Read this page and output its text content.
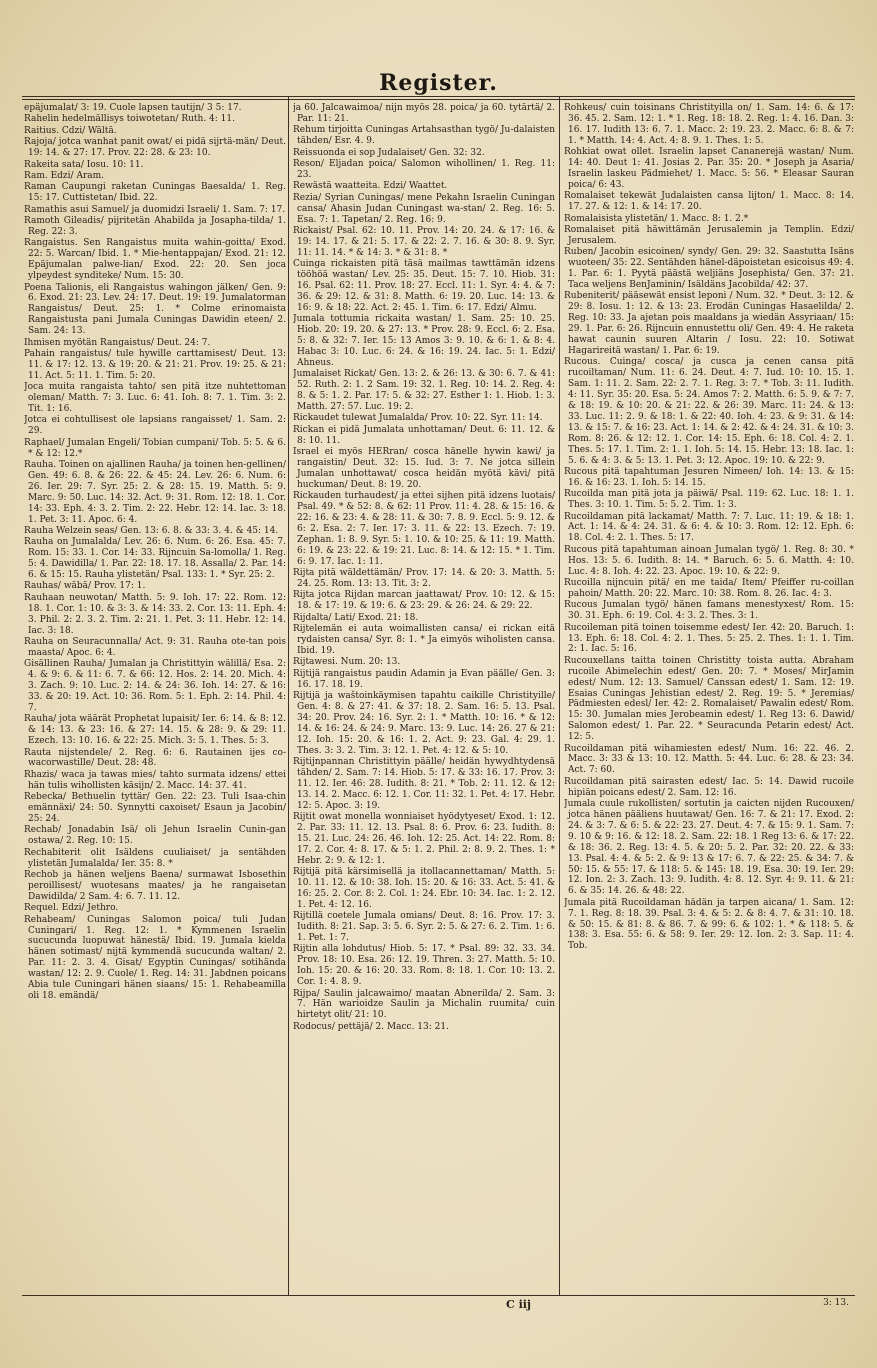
Register.

epäjumalat/ 3: 19. Cuole lapsen tautijn/ 3 5: 17.

Rahelin hedelmällisys toiwotetan/ Ruth. 4: 11.

Raitius. Cdzi/ Wältä.

Rajoja/ jotca wanhat panit owat/ ei pidä sijrtä-män/ Deut. 19: 14. & 27: 17. Prov. 22: 28. & 23: 10.

Rakeita sata/ Iosu. 10: 11.

Ram. Edzi/ Aram.

Raman Caupungi raketan Cuningas Baesalda/ 1. Reg. 15: 17. Cuttistetan/ Ibid. 22.

Ramathis asui Samuel/ ja duomidzi Israeli/ 1. Sam. 7: 17.

Ramoth Gileadis/ pijritetän Ahabilda ja Josapha-tilda/ 1. Reg. 22: 3.

Rangaistus. Sen Rangaistus muita wahin-goitta/ Exod. 22: 5. Warcan/ Ibid. 1. * Mie-hentappajan/ Exod. 21: 12. Epäjumalan palwe-lian/ Exod. 22: 20. Sen joca ylpeydest synditeke/ Num. 15: 30.

Poena Talionis, eli Rangaistus wahingon jälken/ Gen. 9: 6. Exod. 21: 23. Lev. 24: 17. Deut. 19: 19. Jumalatorman Rangaistus/ Deut. 25: 1. * Colme erinomaista Rangaistusta pani Jumala Cuningas Dawidin eteen/ 2. Sam. 24: 13.

Ihmisen myötän Rangaistus/ Deut. 24: 7.

Pahain rangaistus/ tule hywille carttamisest/ Deut. 13: 11. & 17: 12. 13. & 19: 20. & 21: 21. Prov. 19: 25. & 21: 11. Act. 5: 11. 1. Tim. 5: 20.

Joca muita rangaista tahto/ sen pitä itze nuhtettoman oleman/ Matth. 7: 3. Luc. 6: 41. Ioh. 8: 7. 1. Tim. 3: 2. Tit. 1: 16.

Jotca ei cohtullisest ole lapsians rangaisset/ 1. Sam. 2: 29.

Raphael/ Jumalan Engeli/ Tobian cumpani/ Tob. 5: 5. & 6. * & 12: 12.*

Rauha. Toinen on ajallinen Rauha/ ja toinen hen-gellinen/ Gen. 49: 6. 8. & 26: 22. & 45: 24. Lev. 26: 6. Num. 6: 26. Ier. 29: 7. Syr. 25: 2. & 28: 15. 19. Matth. 5: 9. Marc. 9: 50. Luc. 14: 32. Act. 9: 31. Rom. 12: 18. 1. Cor. 14: 33. Eph. 4: 3. 2. Tim. 2: 22. Hebr. 12: 14. Iac. 3: 18. 1. Pet. 3: 11. Apoc. 6: 4.

Rauha Welzein seas/ Gen. 13: 6. 8. & 33: 3. 4. & 45: 14.

Rauha on Jumalalda/ Lev. 26: 6. Num. 6: 26. Esa. 45: 7. Rom. 15: 33. 1. Cor. 14: 33. Rijncuin Sa-lomolla/ 1. Reg. 5: 4. Dawidilla/ 1. Par. 22: 18. 17. 18. Assalla/ 2. Par. 14: 6. & 15: 15. Rauha ylistetän/ Psal. 133: 1. * Syr. 25: 2.

Rauhas/ wäbä/ Prov. 17: 1.

Rauhaan neuwotan/ Matth. 5: 9. Ioh. 17: 22. Rom. 12: 18. 1. Cor. 1: 10. & 3: 3. & 14: 33. 2. Cor. 13: 11. Eph. 4: 3. Phil. 2: 2. 3. 2. Tim. 2: 21. 1. Pet. 3: 11. Hebr. 12: 14. Iac. 3: 18.

Rauha on Seuracunnalla/ Act. 9: 31. Rauha ote-tan pois maasta/ Apoc. 6: 4.

Gisällinen Rauha/ Jumalan ja Christittyin wälillä/ Esa. 2: 4. & 9: 6. & 11: 6. 7. & 66: 12. Hos. 2: 14. 20. Mich. 4: 3. Zach. 9: 10. Luc. 2: 14. & 24: 36. Ioh. 14: 27. & 16: 33. & 20: 19. Act. 10: 36. Rom. 5: 1. Eph. 2: 14. Phil. 4: 7.

Rauha/ jota wäärät Prophetat lupaisit/ Ier. 6: 14. & 8: 12. & 14: 13. & 23: 16. & 27: 14. 15. & 28: 9. & 29: 11. Ezech. 13: 10. 16. & 22: 25. Mich. 3: 5. 1. Thes. 5: 3.

Rauta nijstendele/ 2. Reg. 6: 6. Rautainen ijes co-wacorwastille/ Deut. 28: 48.

Rhazis/ waca ja tawas mies/ tahto surmata idzens/ ettei hän tulis wihollisten käsijn/ 2. Macc. 14: 37. 41.

Rebecka/ Bethuelin tyttär/ Gen. 22: 23. Tuli Isaa-chin emännäxi/ 24: 50. Synnytti caxoiset/ Esaun ja Jacobin/ 25: 24.

Rechab/ Jonadabin Isä/ oli Jehun Israelin Cunin-gan ostawa/ 2. Reg. 10: 15.

Rechabiterit olit Isäldens cuuliaiset/ ja sentähden ylistetän Jumalalda/ Ier. 35: 8. *

Rechob ja hänen weljens Baena/ surmawat Isbosethin peroillisest/ wuotesans maates/ ja he rangaisetan Dawidilda/ 2 Sam. 4: 6. 7. 11. 12.

Requel. Edzi/ Jethro.

Rehabeam/ Cuningas Salomon poica/ tuli Judan Cuningari/ 1. Reg. 12: 1. * Kymmenen Israelin sucucunda luopuwat hänestä/ Ibid. 19. Jumala kielda hänen sotimast/ nijtä kymmendä sucucunda waltan/ 2. Par. 11: 2. 3. 4. Gisat/ Egyptin Cuningas/ sotihända wastan/ 12: 2. 9. Cuole/ 1. Reg. 14: 31. Jabdnen poicans Abia tule Cuningari hänen siaans/ 15: 1. Rehabeamilla oli 18. emändä/

ja 60. Jalcawaimoa/ nijn myös 28. poica/ ja 60. tytärtä/ 2. Par. 11: 21.

Rehum tirjoitta Cuningas Artahsasthan tygö/ Ju-dalaisten tähden/ Esr. 4. 9.

Reissuonda ei sop Judalaiset/ Gen. 32: 32.

Reson/ Eljadan poica/ Salomon wihollinen/ 1. Reg. 11: 23.

Rewästä waatteita. Edzi/ Waattet.

Rezia/ Syrian Cuningas/ mene Pekahn Israelin Cuningan cansa/ Ahasin Judan Cuningast wa-stan/ 2. Reg. 16: 5. Esa. 7: 1. Tapetan/ 2. Reg. 16: 9.

Rickaist/ Psal. 62: 10. 11. Prov. 14: 20. 24. & 17: 16. & 19: 14. 17. & 21: 5. 17. & 22: 2. 7. 16. & 30: 8. 9. Syr. 11: 11. 14. * & 14: 3. * & 31: 8. *

Cuinga rickaisten pitä täsä mailmas tawttämän idzens tööhöä wastan/ Lev. 25: 35. Deut. 15: 7. 10. Hiob. 31: 16. Psal. 62: 11. Prov. 18: 27. Eccl. 11: 1. Syr. 4: 4. & 7: 36. & 29: 12. & 31: 8. Matth. 6: 19. 20. Luc. 14: 13. & 16: 9. & 18: 22. Act. 2: 45. 1. Tim. 6: 17. Edzi/ Almu.

Jumala tottumia rickaita wastan/ 1. Sam. 25: 10. 25. Hiob. 20: 19. 20. & 27: 13. * Prov. 28: 9. Eccl. 6: 2. Esa. 5: 8. & 32: 7. Ier. 15: 13 Amos 3: 9. 10. & 6: 1. & 8: 4. Habac 3: 10. Luc. 6: 24. & 16: 19. 24. Iac. 5: 1. Edzi/ Ahneus.

Jumalaiset Rickat/ Gen. 13: 2. & 26: 13. & 30: 6. 7. & 41: 52. Ruth. 2: 1. 2 Sam. 19: 32. 1. Reg. 10: 14. 2. Reg. 4: 8. & 5: 1. 2. Par. 17: 5. & 32: 27. Esther 1: 1. Hiob. 1: 3. Matth. 27: 57. Luc. 19: 2.

Rickaudet tulewat Jumalalda/ Prov. 10: 22. Syr. 11: 14.

Rickan ei pidä Jumalata unhottaman/ Deut. 6: 11. 12. & 8: 10. 11.

Israel ei myös HERran/ cosca hänelle hywin kawi/ ja rangaistin/ Deut. 32: 15. Iud. 3: 7. Ne jotca sillein Jumalan unhottawat/ cosca heidän myötä kävi/ pitä huckuman/ Deut. 8: 19. 20.

Rickauden turhaudest/ ja ettei sijhen pitä idzens luotais/ Psal. 49. * & 52: 8. & 62: 11 Prov. 11: 4. 28. & 15: 16. & 22: 16. & 23: 4. & 28: 11. & 30: 7. 8. 9. Eccl. 5: 9. 12. & 6: 2. Esa. 2: 7. Ier. 17: 3. 11. & 22: 13. Ezech. 7: 19. Zephan. 1: 8. 9. Syr. 5: 1. 10. & 10: 25. & 11: 19. Matth. 6: 19. & 23: 22. & 19: 21. Luc. 8: 14. & 12: 15. * 1. Tim. 6: 9. 17. Iac. 1: 11.

Rijta pitä wäldettämän/ Prov. 17: 14. & 20: 3. Matth. 5: 24. 25. Rom. 13: 13. Tit. 3: 2.

Rijta jotca Rijdan marcan jaattawat/ Prov. 10: 12. & 15: 18. & 17: 19. & 19: 6. & 23: 29. & 26: 24. & 29: 22.

Rijdalta/ Lati/ Exod. 21: 18.

Rijtelemän ei auta woimallisten cansa/ ei rickan eitä rydaisten cansa/ Syr. 8: 1. * Ja eimyös wiholisten cansa. Ibid. 19.

Rijtawesi. Num. 20: 13.

Rijtijä rangaistus paudin Adamin ja Evan päälle/ Gen. 3: 16. 17. 18. 19.

Rijtijä ja waštoinkäymisen tapahtu caikille Christityille/ Gen. 4: 8. & 27: 41. & 37: 18. 2. Sam. 16: 5. 13. Psal. 34: 20. Prov. 24: 16. Syr. 2: 1. * Matth. 10: 16. * & 12: 14. & 16: 24. & 24: 9. Marc. 13: 9. Luc. 14: 26. 27 & 21: 12. Ioh. 15: 20. & 16: 1. 2. Act. 9: 23. Gal. 4: 29. 1. Thes. 3: 3. 2. Tim. 3: 12. 1. Pet. 4: 12. & 5: 10.

Rijtijnpannan Christittyin päälle/ heidän hywydhtydensä tähden/ 2. Sam. 7: 14. Hiob. 5: 17. & 33: 16. 17. Prov. 3: 11. 12. Ier. 46: 28. Iudith. 8: 21. * Tob. 2: 11. 12. & 12: 13. 14. 2. Macc. 6: 12. 1. Cor. 11: 32. 1. Pet. 4: 17. Hebr. 12: 5. Apoc. 3: 19.

Rijtit owat monella wonniaiset hyödytyeset/ Exod. 1: 12. 2. Par. 33: 11. 12. 13. Psal. 8: 6. Prov. 6: 23. Iudith. 8: 15. 21. Luc. 24: 26. 46. Ioh. 12: 25. Act. 14: 22. Rom. 8: 17. 2. Cor. 4: 8. 17. & 5: 1. 2. Phil. 2: 8. 9. 2. Thes. 1: * Hebr. 2: 9. & 12: 1.

Rijtijä pitä kärsimisellä ja itollacannettaman/ Matth. 5: 10. 11. 12. & 10: 38. Ioh. 15: 20. & 16: 33. Act. 5: 41. & 16: 25. 2. Cor. 8: 2. Col. 1: 24. Ebr. 10: 34. Iac. 1: 2. 12. 1. Pet. 4: 12. 16.

Rijtillä coetele Jumala omians/ Deut. 8: 16. Prov. 17: 3. Iudith. 8: 21. Sap. 3: 5. 6. Syr. 2: 5. & 27: 6. 2. Tim. 1: 6. 1. Pet. 1: 7.

Rijtin alla lohdutus/ Hiob. 5: 17. * Psal. 89: 32. 33. 34. Prov. 18: 10. Esa. 26: 12. 19. Thren. 3: 27. Matth. 5: 10. Ioh. 15: 20. & 16: 20. 33. Rom. 8: 18. 1. Cor. 10: 13. 2. Cor. 1: 4. 8. 9.

Rijpa/ Saulin jalcawaimo/ maatan Abnerilda/ 2. Sam. 3: 7. Hän warioidze Saulin ja Michalin ruumita/ cuin hirtetyt olit/ 21: 10.

Rodocus/ pettäjä/ 2. Macc. 13: 21.

Rohkeus/ cuin toisinans Christityilla on/ 1. Sam. 14: 6. & 17: 36. 45. 2. Sam. 12: 1. * 1. Reg. 18: 18. 2. Reg. 1: 4. 16. Dan. 3: 16. 17. Iudith 13: 6. 7. 1. Macc. 2: 19. 23. 2. Macc. 6: 8. & 7: 1. * Matth. 14: 4. Act. 4: 8. 9. 1. Thes. 1: 5.

Rohkiat owat ollet. Israelin lapset Cananerejä wastan/ Num. 14: 40. Deut 1: 41. Josias 2. Par. 35: 20. * Joseph ja Asaria/ Israelin laskeu Pädmiehet/ 1. Macc. 5: 56. * Eleasar Sauran poica/ 6: 43.

Romalaiset tekewät Judalaisten cansa lijton/ 1. Macc. 8: 14. 17. 27. & 12: 1. & 14: 17. 20.

Romalaisista ylistetän/ 1. Macc. 8: 1. 2.*

Romalaiset pitä häwittämän Jerusalemin ja Templin. Edzi/ Jerusalem.

Ruben/ Jacobin esicoinen/ syndy/ Gen. 29: 32. Saastutta Isäns wuoteen/ 35: 22. Sentähden hänel-däpoistetan esicoisus 49: 4. 1. Par. 6: 1. Pyytä päästä weljiäns Josephista/ Gen. 37: 21. Taca weljens BenJaminin/ Isäldäns Jacobilda/ 42: 37.

Rubeniterit/ pääsewät ensist leponi / Num. 32. * Deut. 3: 12. & 29: 8. Iosu. 1: 12. & 13: 23. Erodän Cuningas Hasaelilda/ 2. Reg. 10: 33. Ja ajetan pois maaldans ja wiedän Assyriaan/ 15: 29. 1. Par. 6: 26. Rijncuin ennustettu oli/ Gen. 49: 4. He raketa hawat caunin suuren Altarin / Iosu. 22: 10. Sotiwat Hagarireitä wastan/ 1. Par. 6: 19.

Rucous. Cuinga/ cosca/ ja cusca ja cenen cansa pitä rucoiltaman/ Num. 11: 6. 24. Deut. 4: 7. Iud. 10: 10. 15. 1. Sam. 1: 11. 2. Sam. 22: 2. 7. 1. Reg. 3: 7. * Tob. 3: 11. Iudith. 4: 11. Syr. 35: 20. Esa. 5: 24. Amos 7: 2. Matth. 6: 5. 9. & 7: 7. & 18: 19. & 10: 20. & 21: 22. & 26: 39. Marc. 11: 24. & 13: 33. Luc. 11: 2. 9. & 18: 1. & 22: 40. Ioh. 4: 23. & 9: 31. & 14: 13. & 15: 7. & 16: 23. Act. 1: 14. & 2: 42. & 4: 24. 31. & 10: 3. Rom. 8: 26. & 12: 12. 1. Cor. 14: 15. Eph. 6: 18. Col. 4: 2. 1. Thes. 5: 17. 1. Tim. 2: 1. 1. Ioh. 5: 14. 15. Hebr. 13: 18. Iac. 1: 5. 6. & 4: 3. & 5: 13. 1. Pet. 3: 12. Apoc. 19: 10. & 22: 9.

Rucous pitä tapahtuman Jesuren Nimeen/ Ioh. 14: 13. & 15: 16. & 16: 23. 1. Ioh. 5: 14. 15.

Rucoilda man pitä jota ja päiwä/ Psal. 119: 62. Luc. 18: 1. 1. Thes. 3: 10. 1. Tim. 5: 5. 2. Tim. 1: 3.

Rucoildaman pitä lackamat/ Matth. 7: 7. Luc. 11: 19. & 18: 1. Act. 1: 14. & 4: 24. 31. & 6: 4. & 10: 3. Rom. 12: 12. Eph. 6: 18. Col. 4: 2. 1. Thes. 5: 17.

Rucous pitä tapahtuman ainoan Jumalan tygö/ 1. Reg. 8: 30. * Hos. 13: 5. 6. Iudith. 8: 14. * Baruch. 6: 5. 6. Matth. 4: 10. Luc. 4: 8. Ioh. 4: 22. 23. Apoc. 19: 10. & 22: 9.

Rucoilla nijncuin pitä/ en me taida/ Item/ Pfeiffer ru-coillan pahoin/ Matth. 20: 22. Marc. 10: 38. Rom. 8. 26. Iac. 4: 3.

Rucous Jumalan tygö/ hänen famans menestyxest/ Rom. 15: 30. 31. Eph. 6: 19. Col. 4: 3. 2. Thes. 3: 1.

Rucoileman pitä toinen toisemme edest/ Ier. 42: 20. Baruch. 1: 13. Eph. 6: 18. Col. 4: 2. 1. Thes. 5: 25. 2. Thes. 1: 1. 1. Tim. 2: 1. Iac. 5: 16.

Rucouxellans taitta toinen Christitty toista autta. Abraham rucoile Abimelechin edest/ Gen. 20: 7. * Moses/ MirJamin edest/ Num. 12: 13. Samuel/ Canssan edest/ 1. Sam. 12: 19. Esaias Cuningas Jehistian edest/ 2. Reg. 19: 5. * Jeremias/ Pädmiesten edesl/ Ier. 42: 2. Romalaiset/ Pawalin edest/ Rom. 15: 30. Jumalan mies Jerobeamin edest/ 1. Reg 13: 6. Dawid/ Salomon edest/ 1. Par. 22. * Seuracunda Petarin edest/ Act. 12: 5.

Rucoildaman pitä wihamiesten edest/ Num. 16: 22. 46. 2. Macc. 3: 33 & 13: 10. 12. Matth. 5: 44. Luc. 6: 28. & 23: 34. Act. 7: 60.

Rucoildaman pitä sairasten edest/ Iac. 5: 14. Dawid rucoile hipiän poicans edest/ 2. Sam. 12: 16.

Jumala cuule rukollisten/ sortutin ja caicten nijden Rucouxen/ jotca hänen pääliens huutawat/ Gen. 16: 7. & 21: 17. Exod. 2: 24. & 3: 7. & 6: 5. & 22: 23. 27. Deut. 4: 7. & 15: 9. 1. Sam. 7: 9. 10 & 9: 16. & 12: 18. 2. Sam. 22: 18. 1 Reg 13: 6. & 17: 22. & 18: 36. 2. Reg. 13: 4. 5. & 20: 5. 2. Par. 32: 20. 22. & 33: 13. Psal. 4: 4. & 5: 2. & 9: 13 & 17: 6. 7. & 22: 25. & 34: 7. & 50: 15. & 55: 17. & 118: 5. & 145: 18. 19. Esa. 30: 19. Ier. 29: 12. Ion. 2: 3. Zach. 13: 9. Iudith. 4: 8. 12. Syr. 4: 9. 11. & 21: 6. & 35: 14. 26. & 48: 22.

Jumala pitä Rucoildaman hädän ja tarpen aicana/ 1. Sam. 12: 7. 1. Reg. 8: 18. 39. Psal. 3: 4. & 5: 2. & 8: 4. 7. & 31: 10. 18. & 50: 15. & 81: 8. & 86. 7. & 99: 6. & 102: 1. * & 118: 5. & 138: 3. Esa. 55: 6. & 58: 9. Ier. 29: 12. Ion. 2: 3. Sap. 11: 4. Tob.

C iij	3: 13.
